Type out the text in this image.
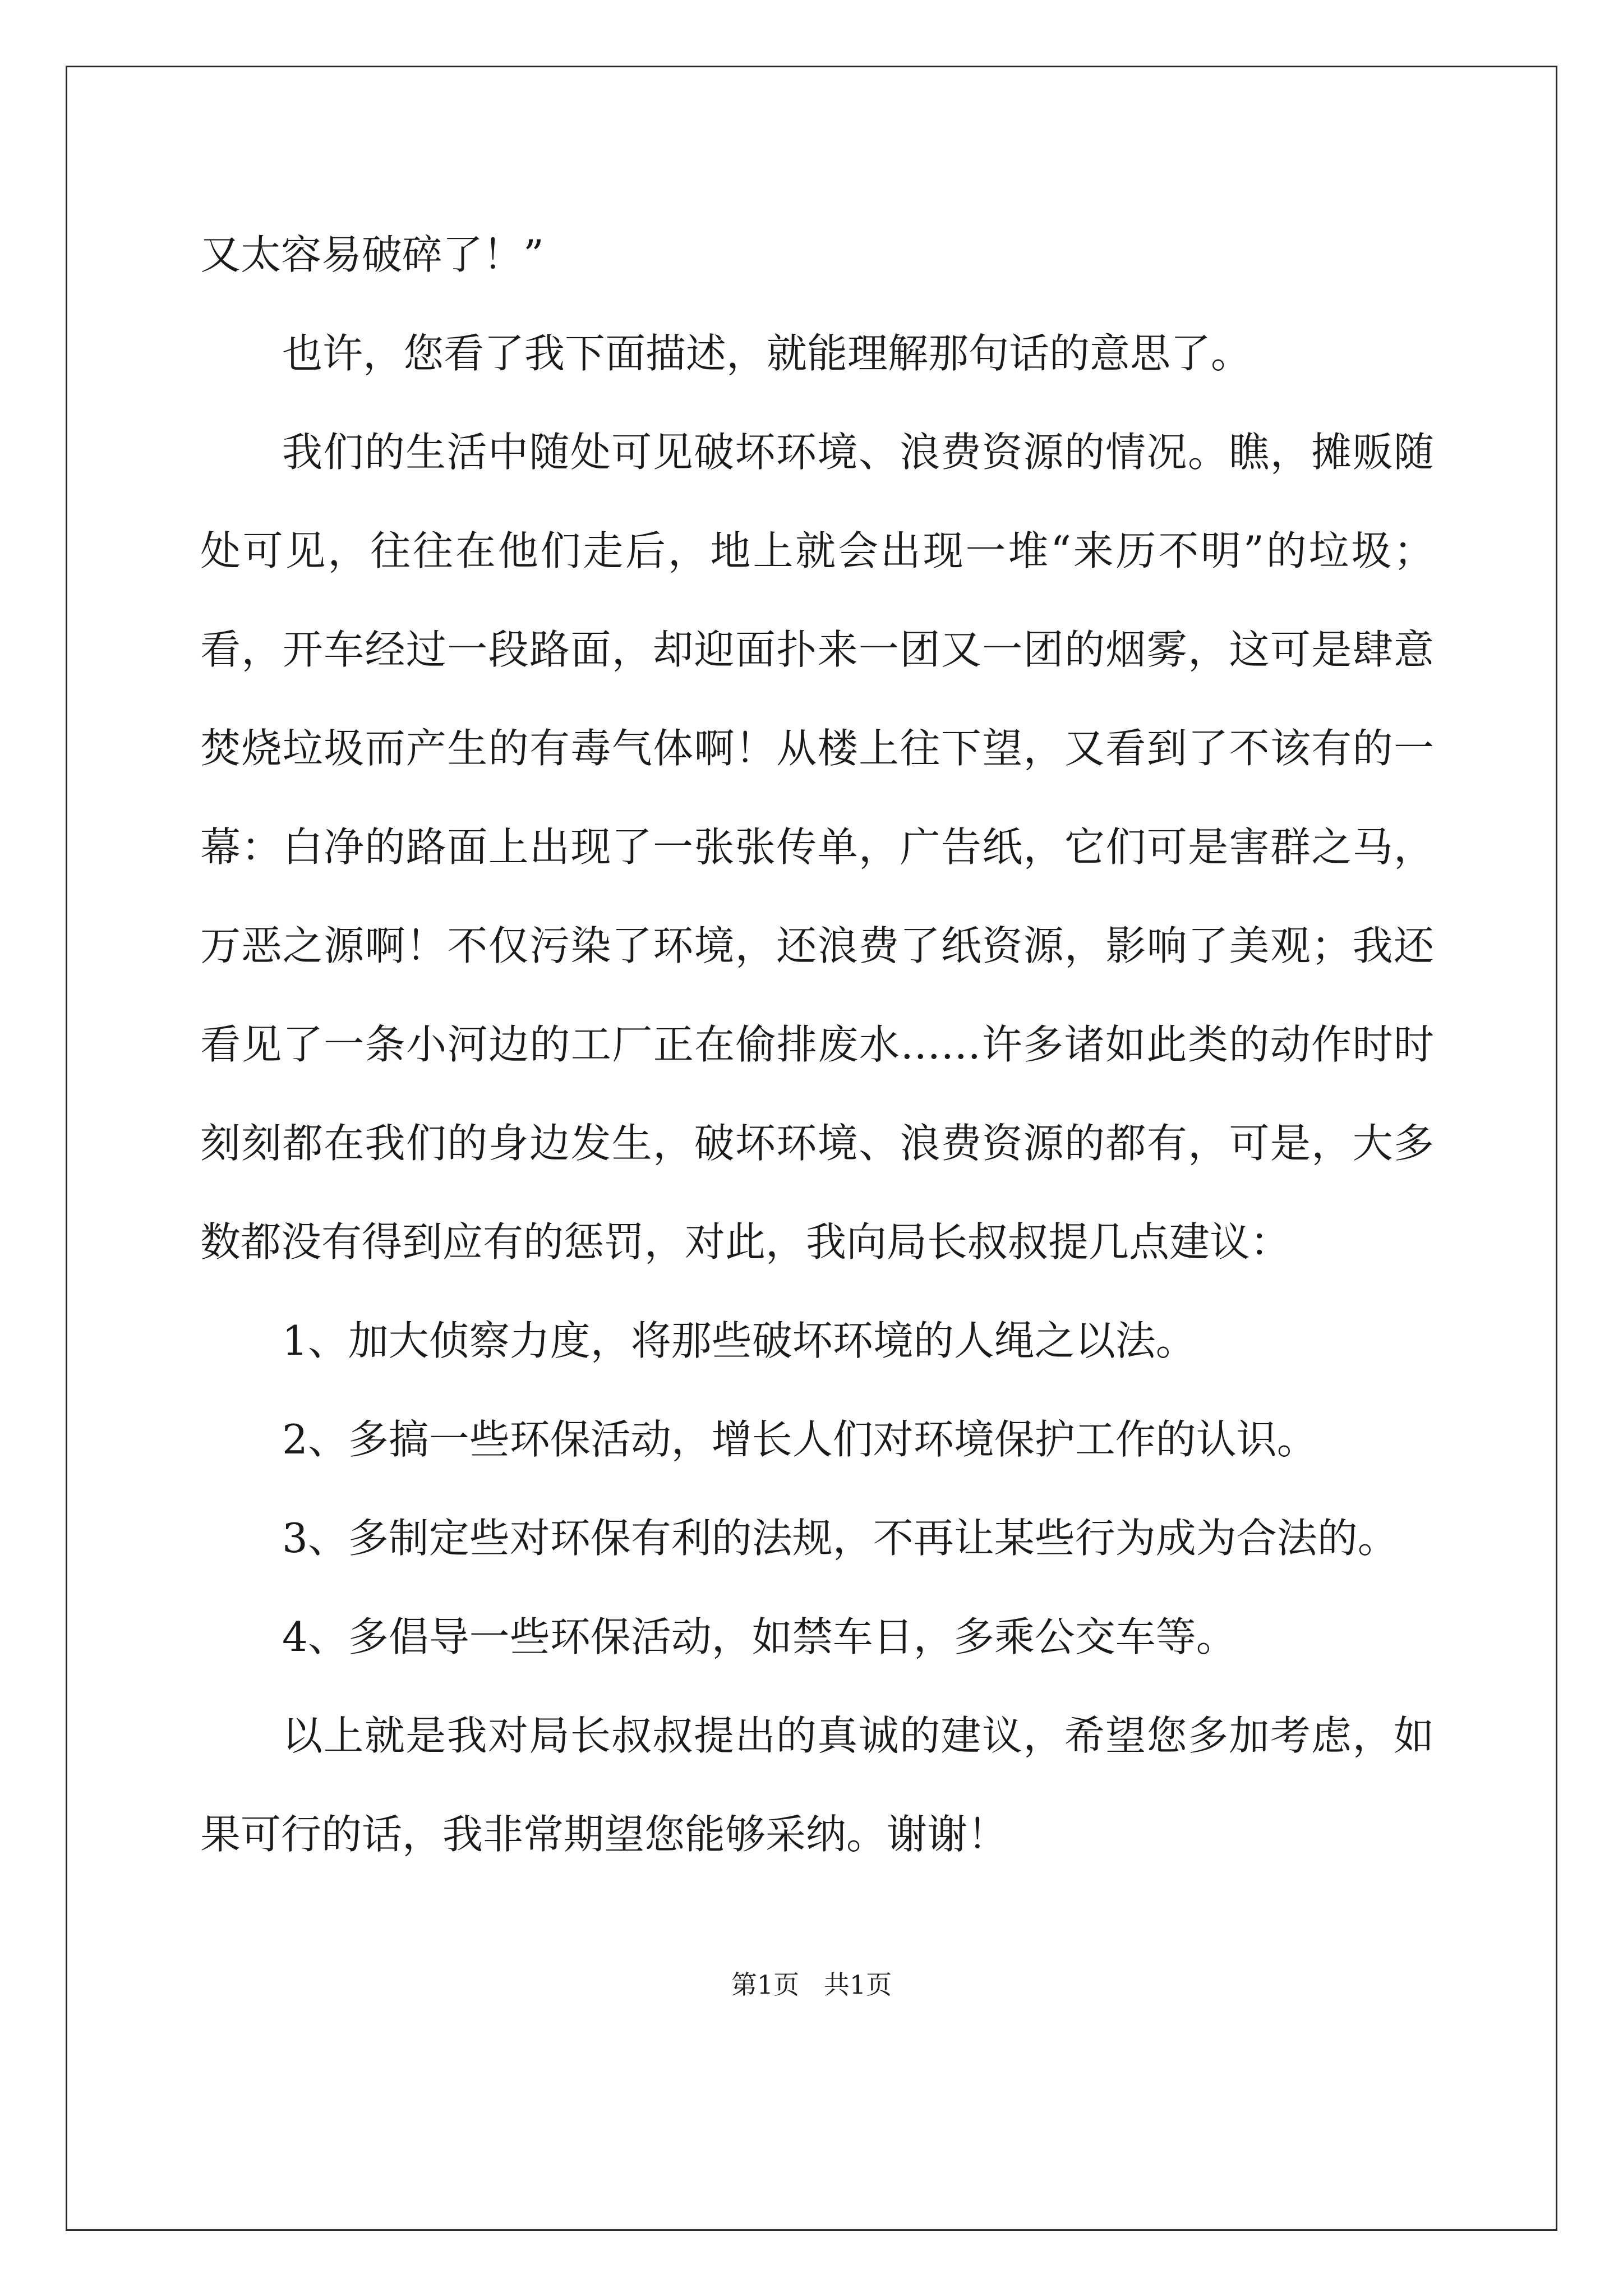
又太容易破碎了！”
也许，您看了我下面描述，就能理解那句话的意思了。
我们的生活中随处可见破坏环境、浪费资源的情况。瞧，摊贩随
处可见，往往在他们走后，地上就会出现一堆“来历不明”的垃圾；
看，开车经过一段路面，却迎面扑来一团又一团的烟雾，这可是肆意
焚烧垃圾而产生的有毒气体啊！从楼上往下望，又看到了不该有的一
幕：白净的路面上出现了一张张传单，广告纸，它们可是害群之马，
万恶之源啊！不仅污染了环境，还浪费了纸资源，影响了美观；我还
看见了一条小河边的工厂正在偷排废水……许多诸如此类的动作时时
刻刻都在我们的身边发生，破坏环境、浪费资源的都有，可是，大多
数都没有得到应有的惩罚，对此，我向局长叔叔提几点建议：
1、加大侦察力度，将那些破坏环境的人绳之以法。
2、多搞一些环保活动，增长人们对环境保护工作的认识。
3、多制定些对环保有利的法规，不再让某些行为成为合法的。
4、多倡导一些环保活动，如禁车日，多乘公交车等。
以上就是我对局长叔叔提出的真诚的建议，希望您多加考虑，如
果可行的话，我非常期望您能够采纳。谢谢！
第1页   共1页
